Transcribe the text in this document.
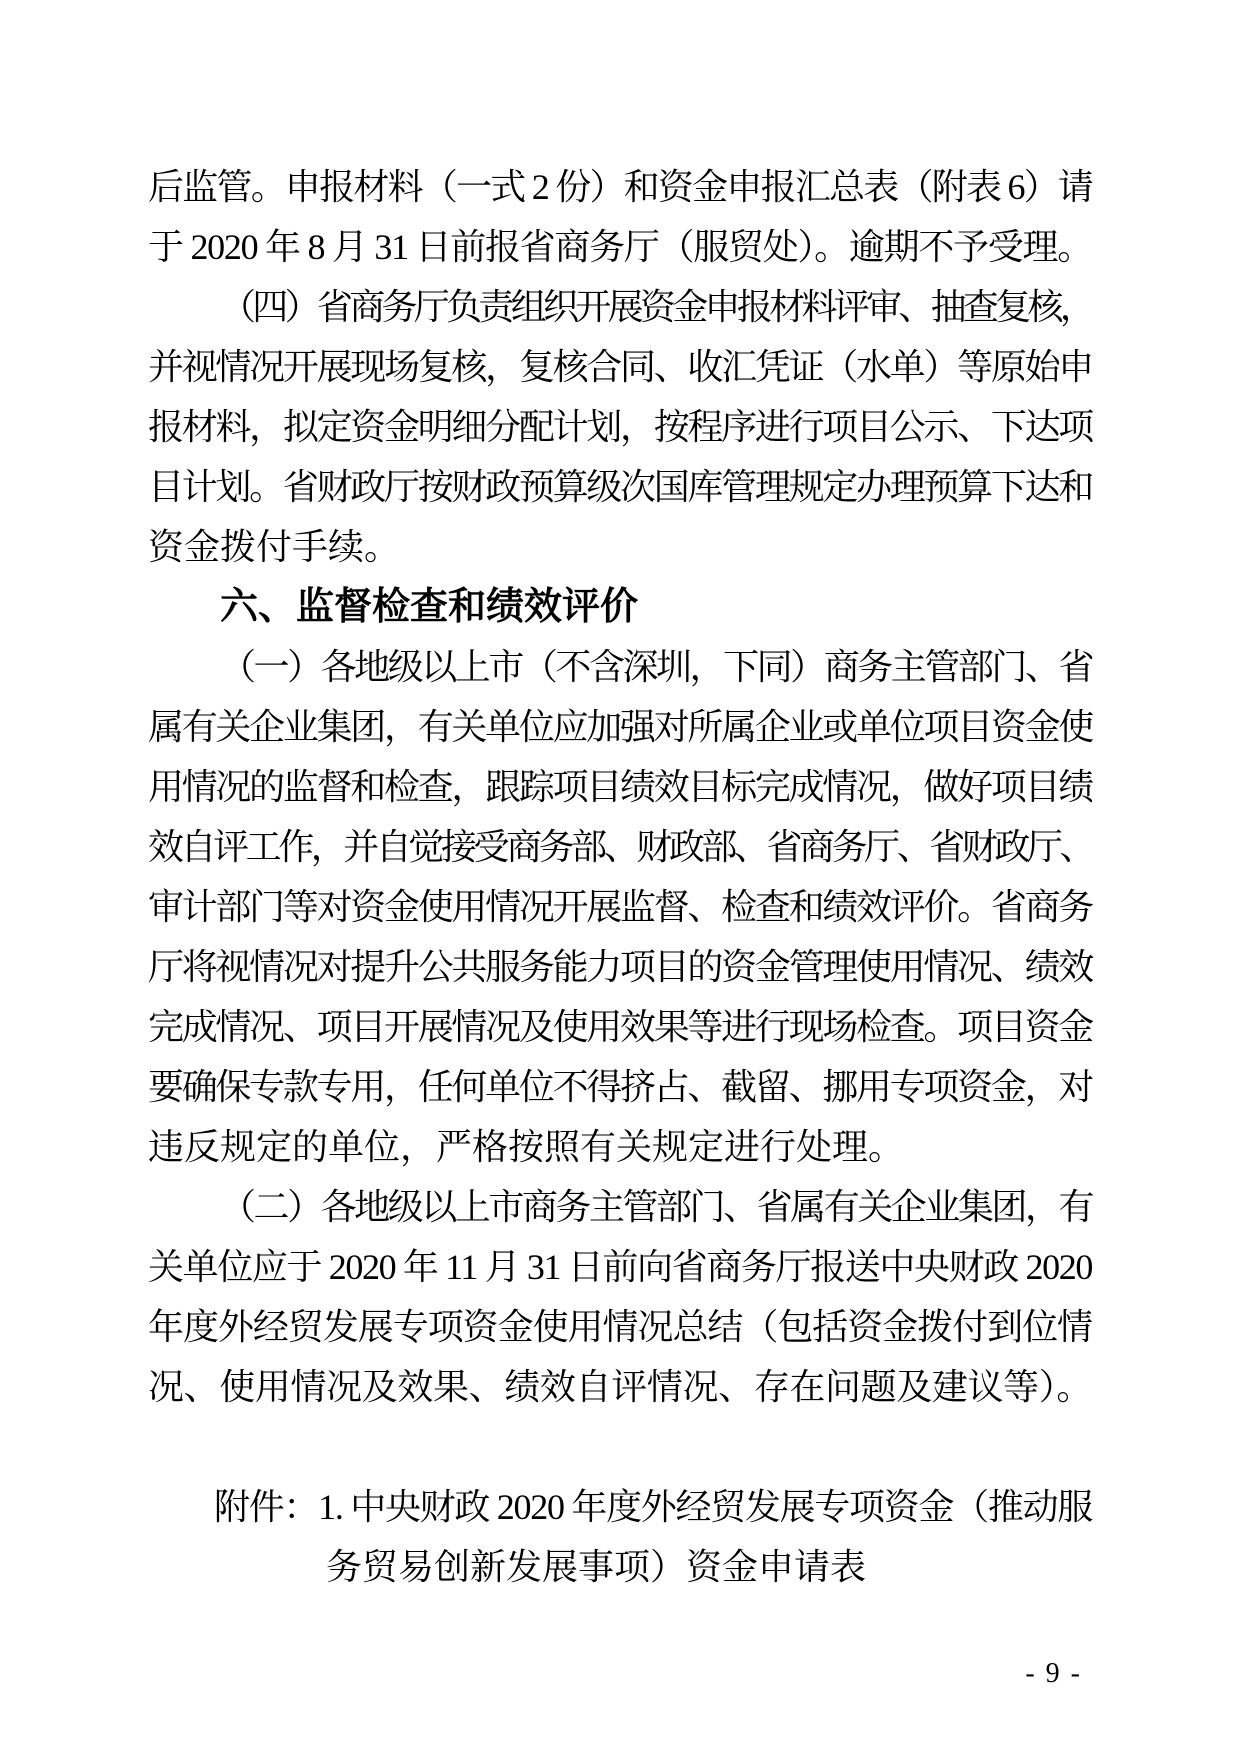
后监管。申报材料（一式 2 份）和资金申报汇总表（附表 6）请
于 2020 年 8 月 31 日前报省商务厅（服贸处）。逾期不予受理。
（四）省商务厅负责组织开展资金申报材料评审、抽查复核，
并视情况开展现场复核，复核合同、收汇凭证（水单）等原始申
报材料，拟定资金明细分配计划，按程序进行项目公示、下达项
目计划。省财政厅按财政预算级次国库管理规定办理预算下达和
资金拨付手续。
六、监督检查和绩效评价
（一）各地级以上市（不含深圳，下同）商务主管部门、省
属有关企业集团，有关单位应加强对所属企业或单位项目资金使
用情况的监督和检查，跟踪项目绩效目标完成情况，做好项目绩
效自评工作，并自觉接受商务部、财政部、省商务厅、省财政厅、
审计部门等对资金使用情况开展监督、检查和绩效评价。省商务
厅将视情况对提升公共服务能力项目的资金管理使用情况、绩效
完成情况、项目开展情况及使用效果等进行现场检查。项目资金
要确保专款专用，任何单位不得挤占、截留、挪用专项资金，对
违反规定的单位，严格按照有关规定进行处理。
（二）各地级以上市商务主管部门、省属有关企业集团，有
关单位应于 2020 年 11 月 31 日前向省商务厅报送中央财政 2020
年度外经贸发展专项资金使用情况总结（包括资金拨付到位情
况、使用情况及效果、绩效自评情况、存在问题及建议等）。
附件：1. 中央财政 2020 年度外经贸发展专项资金（推动服
务贸易创新发展事项）资金申请表
- 9 -
